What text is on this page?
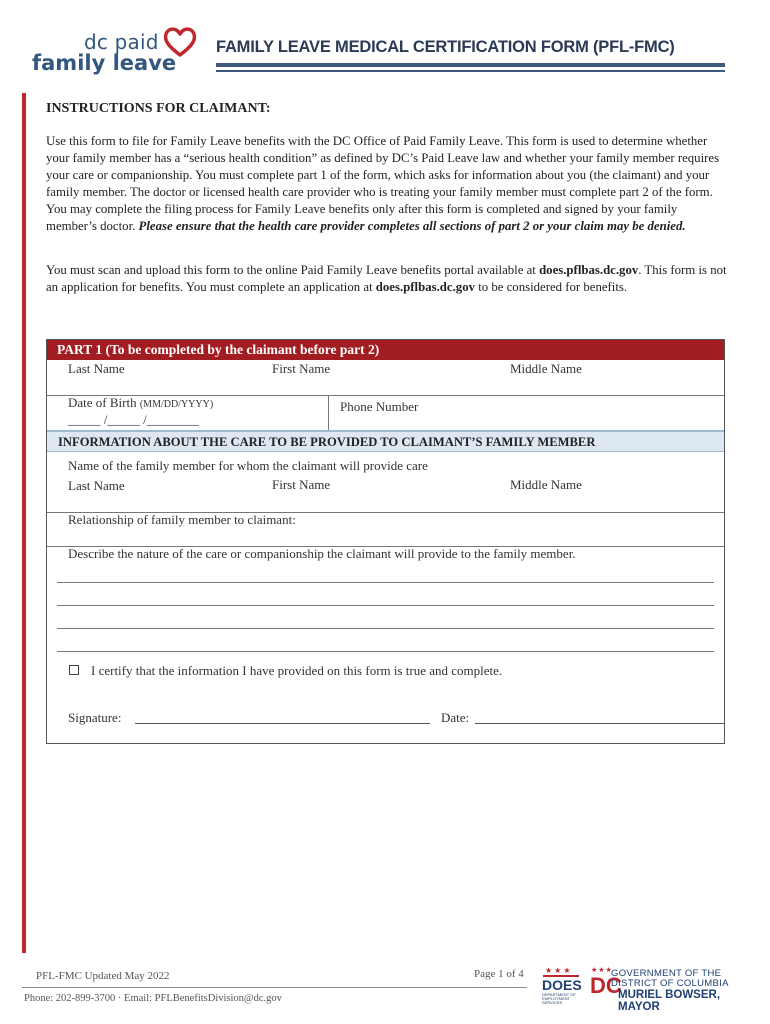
dc paid
family leave
FAMILY LEAVE MEDICAL CERTIFICATION FORM (PFL-FMC)
INSTRUCTIONS FOR CLAIMANT:

Use this form to file for Family Leave benefits with the DC Office of Paid Family Leave. This form is used to determine whether your family member has a “serious health condition” as defined by DC’s Paid Leave law and whether your family member requires your care or companionship. You must complete part 1 of the form, which asks for information about you (the claimant) and your family member. The doctor or licensed health care provider who is treating your family member must complete part 2 of the form. You may complete the filing process for Family Leave benefits only after this form is completed and signed by your family member’s doctor. Please ensure that the health care provider completes all sections of part 2 or your claim may be denied.

You must scan and upload this form to the online Paid Family Leave benefits portal available at does.pflbas.dc.gov. This form is not an application for benefits. You must complete an application at does.pflbas.dc.gov to be considered for benefits.

PART 1 (To be completed by the claimant before part 2)
Last Name	First Name	Middle Name
Date of Birth (MM/DD/YYYY)
_____ /_____ /________
Phone Number
INFORMATION ABOUT THE CARE TO BE PROVIDED TO CLAIMANT’S FAMILY MEMBER
Name of the family member for whom the claimant will provide care
Last Name	First Name	Middle Name
Relationship of family member to claimant:
Describe the nature of the care or companionship the claimant will provide to the family member.
I certify that the information I have provided on this form is true and complete.
Signature:	Date:
PFL-FMC Updated May 2022	Page 1 of 4
Phone: 202-899-3700 · Email: PFLBenefitsDivision@dc.gov
★★★
DOES
DEPARTMENT OF EMPLOYMENT SERVICES
★★★
DC
GOVERNMENT OF THE
DISTRICT OF COLUMBIA
MURIEL BOWSER, MAYOR
